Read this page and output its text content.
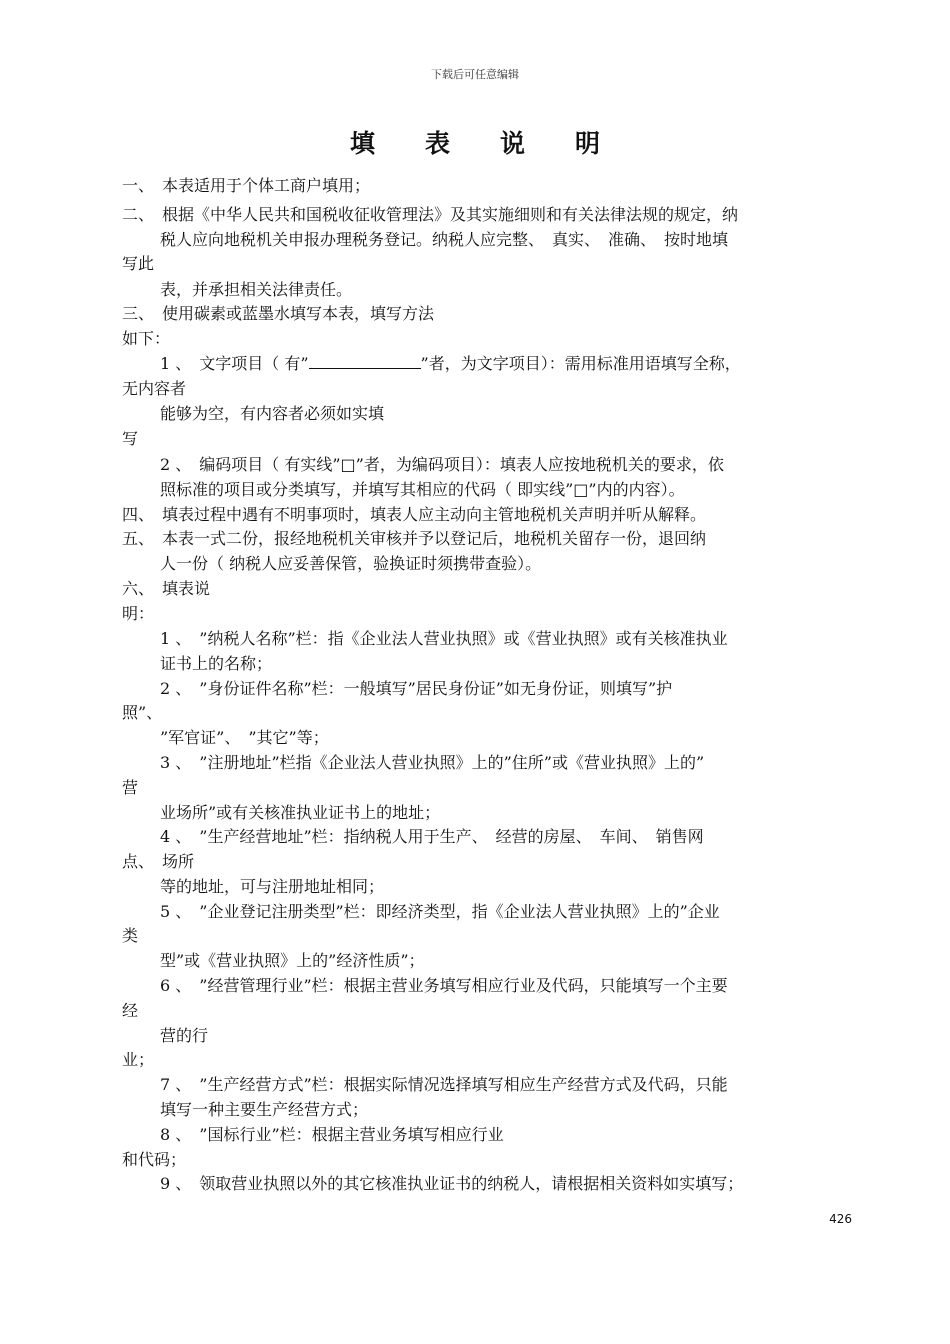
下载后可任意编辑
填表说明
一、　本表适用于个体工商户填用；
二、　根据《中华人民共和国税收征收管理法》及其实施细则和有关法律法规的规定，纳
税人应向地税机关申报办理税务登记。纳税人应完整、　真实、　准确、　按时地填
写此
表，并承担相关法律责任。
三、　使用碳素或蓝墨水填写本表，填写方法
如下：
1 、　文字项目（ 有”	”者，为文字项目）：需用标准用语填写全称，
无内容者
能够为空，有内容者必须如实填
写
2 、　编码项目（ 有实线”□”者，为编码项目）：填表人应按地税机关的要求，依
照标准的项目或分类填写，并填写其相应的代码（ 即实线”□”内的内容）。
四、　填表过程中遇有不明事项时，填表人应主动向主管地税机关声明并听从解释。
五、　本表一式二份，报经地税机关审核并予以登记后，地税机关留存一份，退回纳
人一份（ 纳税人应妥善保管，验换证时须携带查验）。
六、　填表说
明：
1 、　”纳税人名称”栏：指《企业法人营业执照》或《营业执照》或有关核准执业
证书上的名称；
2 、　”身份证件名称”栏：一般填写”居民身份证”如无身份证，则填写”护
照”、
”军官证”、　”其它”等；
3 、　”注册地址”栏指《企业法人营业执照》上的”住所”或《营业执照》上的”
营
业场所”或有关核准执业证书上的地址；
4 、　”生产经营地址”栏：指纳税人用于生产、　经营的房屋、　车间、　销售网
点、　场所
等的地址，可与注册地址相同；
5 、　”企业登记注册类型”栏：即经济类型，指《企业法人营业执照》上的”企业
类
型”或《营业执照》上的”经济性质”；
6 、　”经营管理行业”栏：根据主营业务填写相应行业及代码，只能填写一个主要
经
营的行
业；
7 、　”生产经营方式”栏：根据实际情况选择填写相应生产经营方式及代码，只能
填写一种主要生产经营方式；
8 、　”国标行业”栏：根据主营业务填写相应行业
和代码；
9 、　领取营业执照以外的其它核准执业证书的纳税人，请根据相关资料如实填写；
426
